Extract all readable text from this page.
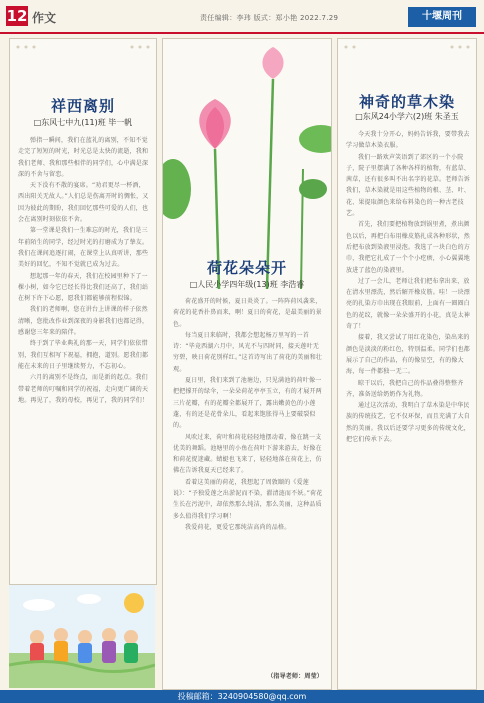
12 作文	责任编辑：李玮 版式：郑小艳 2022.7.29	十堰周刊
祥西离别
□东风七中九(11)班 毕一帆

弹指一瞬间，我们在蓝礼的离别，不知不觉走完了短短的时光，时光总是太快的流逝，我和我们老师、我和那些相伴的同学们，心中满是深深的不舍与留恋。

天下没有不散的宴席。“劝君更尽一杯酒，西出阳关无故人。”人们总是伤离开时的惆怅，又因为彼此的期盼，我们回忆那些可爱的人们，也会在离别时刻依依不舍。

第一堂课是我们一生难忘的时光，我们是三年前陌生的同学，经过时光的打磨成为了挚友。我们在课间追逐打闹，在课堂上认真听讲，那些美好的回忆，不知不觉就已成为过去。

想起那一年的春天，我们在校园里种下了一棵小树，如今它已经长得比我们还高了，我们站在树下许下心愿，愿我们都能够前程似锦。

我们的老师啊，您在讲台上讲课的样子依然清晰，您批改作业到深夜的身影我们也都记得，感谢您三年来的陪伴。

终于到了毕业典礼的那一天，同学们依依惜别，我们互相写下祝福，拥抱，道别。愿我们都能在未来的日子里继续努力，不忘初心。

六月的离别不是终点，而是新的起点。我们带着老师的叮嘱和同学的祝福，走向更广阔的天地。再见了，我的母校，再见了，我的同学们！

荷花朵朵开
□人民小学四年级(13)班 李浩睿

荷花盛开的时候，夏日炎炎了。一阵阵荷风袭来，荷花的花香扑鼻而来，啊！夏日的荷花，是最美丽的景色。

每当夏日来临时，我都会想起杨万里写的一首诗：“毕竟西湖六月中，风光不与四时同，接天莲叶无穷碧，映日荷花别样红。”这首诗写出了荷花的美丽和壮观。

夏日里，我们来到了池塘边，只见满池的荷叶像一把把撑开的绿伞，一朵朵荷花亭亭玉立，有的才展开两三片花瓣，有的花瓣全都展开了，露出嫩黄色的小莲蓬，有的还是花骨朵儿，看起来饱胀得马上要破裂似的。

风吹过来，荷叶和荷花轻轻地摆动着，像在跳一支优美的舞蹈。池塘里的小鱼在荷叶下游来游去，好像在和荷花捉迷藏。蜻蜓也飞来了，轻轻地落在荷花上，仿佛在告诉我夏天已经来了。

看着这美丽的荷花，我想起了周敦颐的《爱莲说》：“予独爱莲之出淤泥而不染，濯清涟而不妖。”荷花生长在污泥中，却依然那么纯洁，那么美丽，这种品质多么值得我们学习啊！

我爱荷花，更爱它那纯洁高尚的品格。

（指导老师：周莹）
神奇的草木染
□东风24小学六(2)班 朱圣玉

今天我十分开心，妈妈告诉我，要带我去学习做草木染衣服。

我们一路欢声笑语到了郊区的一个小院子，院子里摆满了各种各样的植物，有蓝草、茜草，还有很多叫不出名字的花草。老师告诉我们，草木染就是用这些植物的根、茎、叶、花、果提取颜色来给布料染色的一种古老技艺。

首先，我们要把植物放到锅里煮，煮出颜色以后，再把白布用橡皮筋扎成各种形状，然后把布放到染液里浸泡。我选了一块白色的方巾，我把它扎成了一个个小疙瘩，小心翼翼地放进了蓝色的染液里。

过了一会儿，老师让我们把布拿出来，放在清水里漂洗，然后解开橡皮筋。哇！一块漂亮的扎染方巾出现在我眼前，上面有一圈圈白色的花纹，就像一朵朵盛开的小花，真是太神奇了！

接着，我又尝试了用红花染色，染出来的颜色是淡淡的粉红色，特别温柔。同学们也都展示了自己的作品，有的像星空，有的像大海，每一件都独一无二。

晾干以后，我把自己的作品叠得整整齐齐，准备送给奶奶作为礼物。

通过这次活动，我明白了草木染是中华民族的传统技艺，它不仅环保，而且充满了大自然的美丽。我以后还要学习更多的传统文化，把它们传承下去。

投稿邮箱：3240904580@qq.com
